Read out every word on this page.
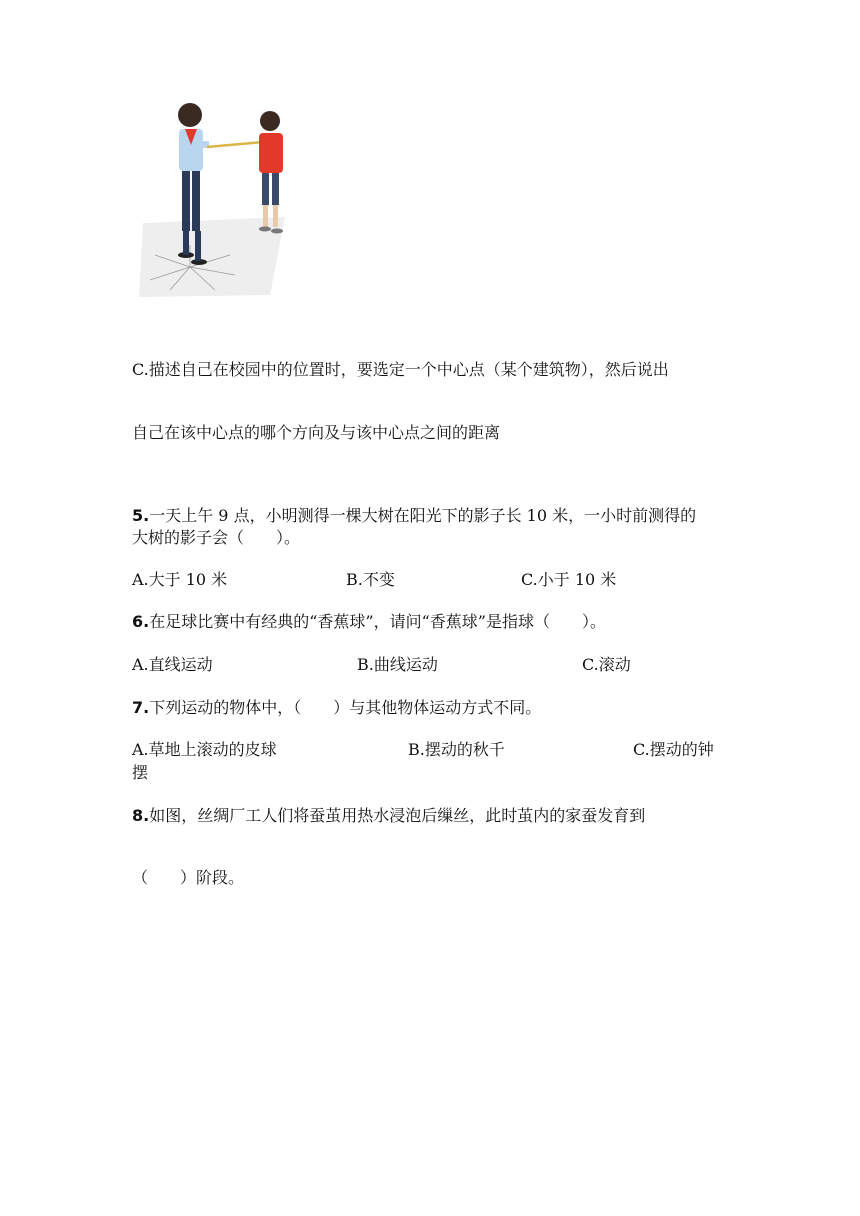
C.描述自己在校园中的位置时，要选定一个中心点（某个建筑物），然后说出
自己在该中心点的哪个方向及与该中心点之间的距离
5.一天上午 9 点，小明测得一棵大树在阳光下的影子长 10 米，一小时前测得的
大树的影子会（　　）。
A.大于 10 米	B.不变	C.小于 10 米
6.在足球比赛中有经典的“香蕉球”，请问“香蕉球”是指球（　　）。
A.直线运动	B.曲线运动	C.滚动
7.下列运动的物体中，（　　）与其他物体运动方式不同。
A.草地上滚动的皮球	B.摆动的秋千	C.摆动的钟
摆
8.如图，丝绸厂工人们将蚕茧用热水浸泡后缫丝，此时茧内的家蚕发育到
（　　）阶段。
